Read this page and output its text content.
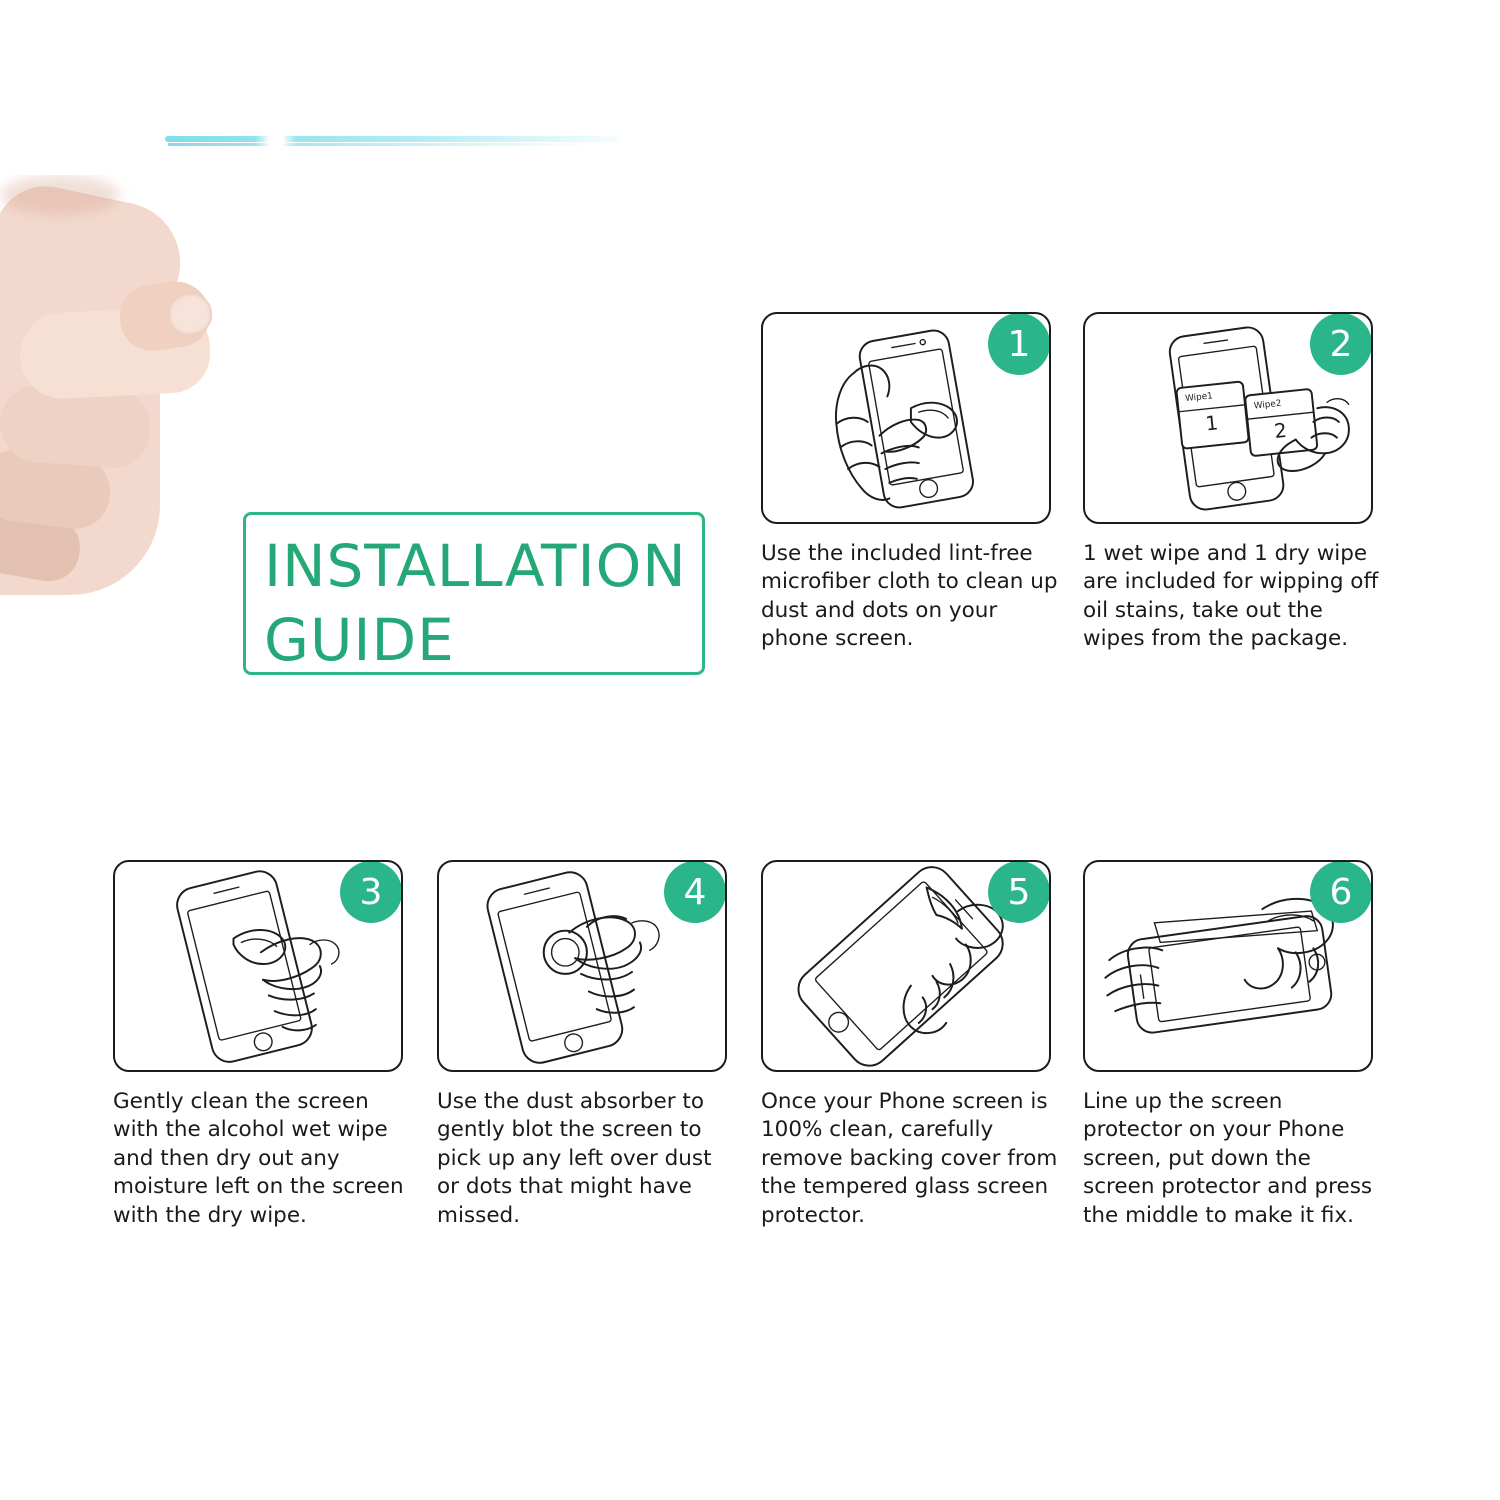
INSTALLATION
GUIDE
1
Use the included lint-free microfiber cloth to clean up dust and dots on your phone screen.
2
Wipe1
1
Wipe2
2
1 wet wipe and 1 dry wipe are included for wipping off oil stains, take out the wipes from the package.
3
Gently clean the screen with the alcohol wet wipe and then dry out any moisture left on the screen with the dry wipe.
4
Use the dust absorber to gently blot the screen to pick up any left over dust or dots that might have missed.
5
Once your Phone screen is 100% clean, carefully remove backing cover from the tempered glass screen protector.
6
Line up the screen protector on your Phone screen, put down the screen protector and press the middle to make it fix.
